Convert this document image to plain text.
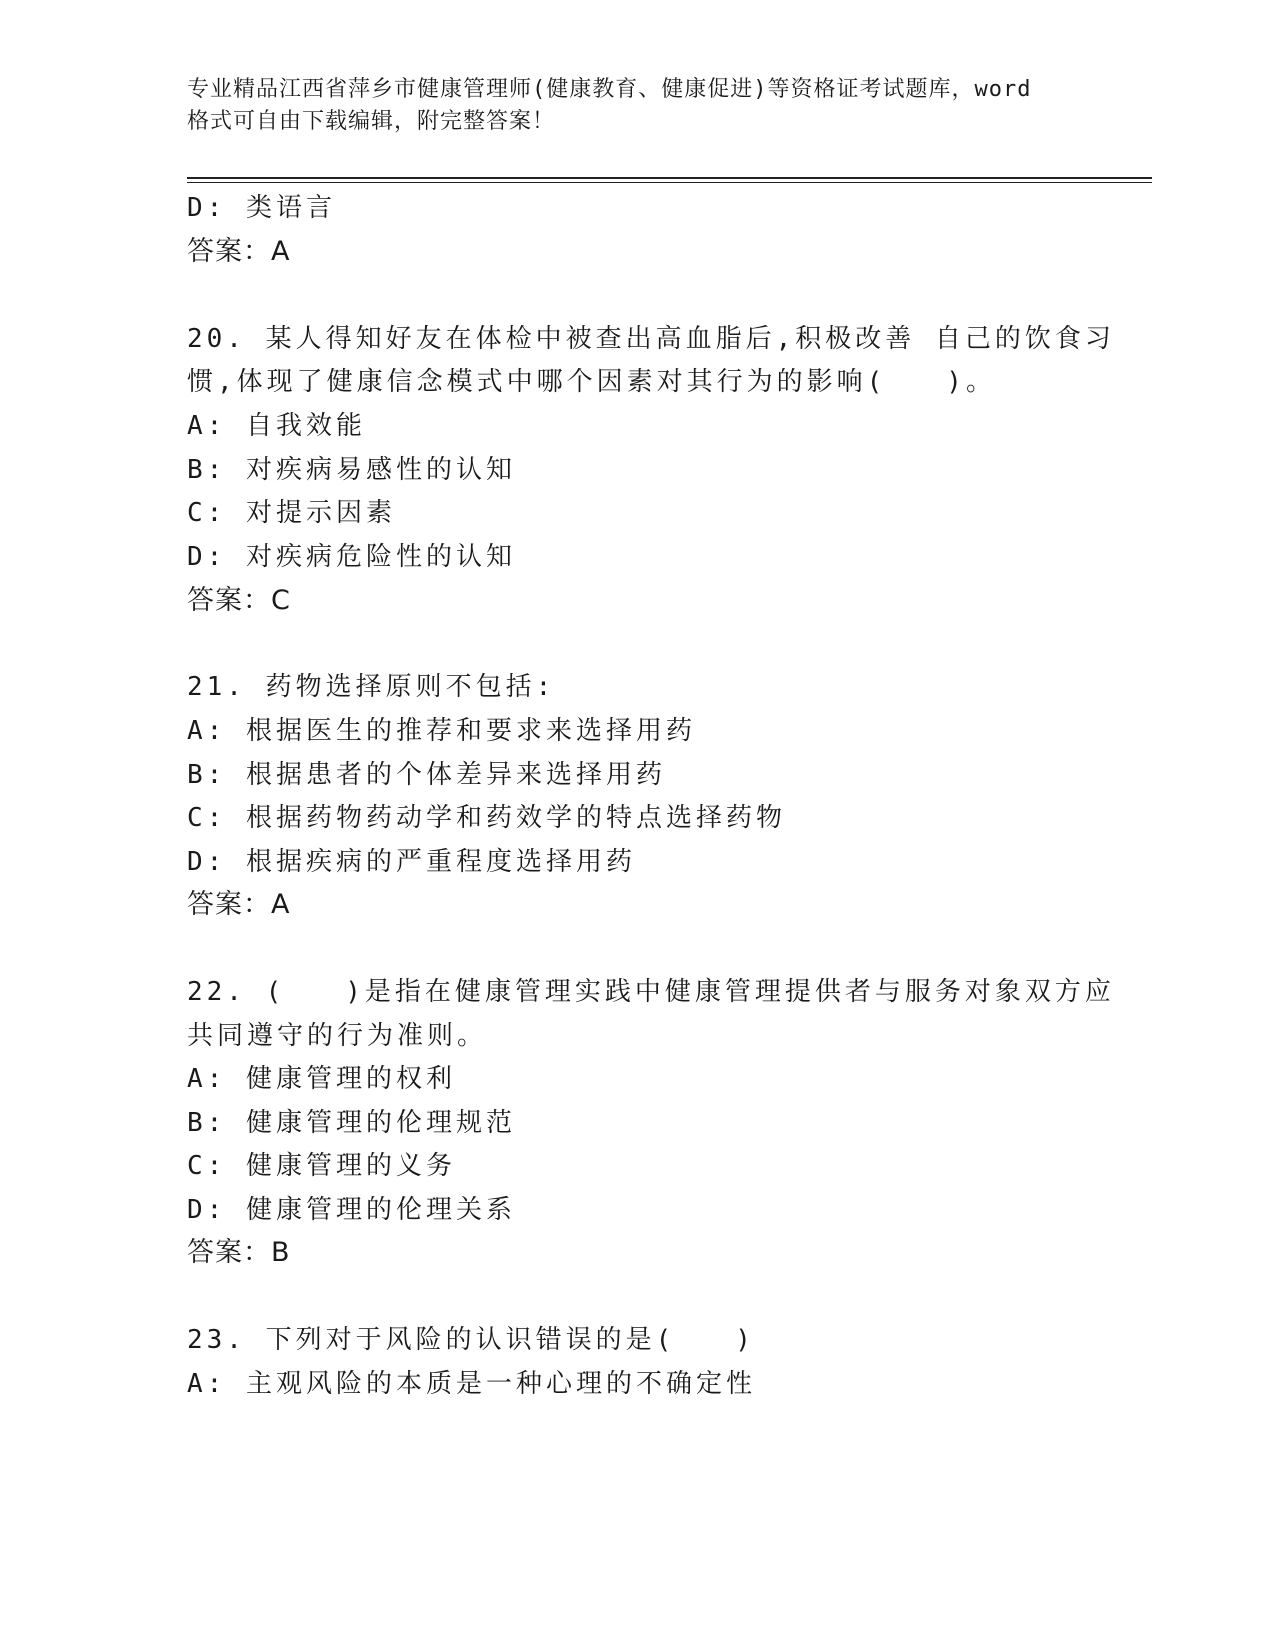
专业精品江西省萍乡市健康管理师(健康教育、健康促进)等资格证考试题库，word
格式可自由下载编辑，附完整答案！
D: 类语言
答案：A
20. 某人得知好友在体检中被查出高血脂后,积极改善 自己的饮食习
惯,体现了健康信念模式中哪个因素对其行为的影响(　　)。
A: 自我效能
B: 对疾病易感性的认知
C: 对提示因素
D: 对疾病危险性的认知
答案：C
21. 药物选择原则不包括:
A: 根据医生的推荐和要求来选择用药
B: 根据患者的个体差异来选择用药
C: 根据药物药动学和药效学的特点选择药物
D: 根据疾病的严重程度选择用药
答案：A
22. (　　)是指在健康管理实践中健康管理提供者与服务对象双方应
共同遵守的行为准则。
A: 健康管理的权利
B: 健康管理的伦理规范
C: 健康管理的义务
D: 健康管理的伦理关系
答案：B
23. 下列对于风险的认识错误的是(　　)
A: 主观风险的本质是一种心理的不确定性
